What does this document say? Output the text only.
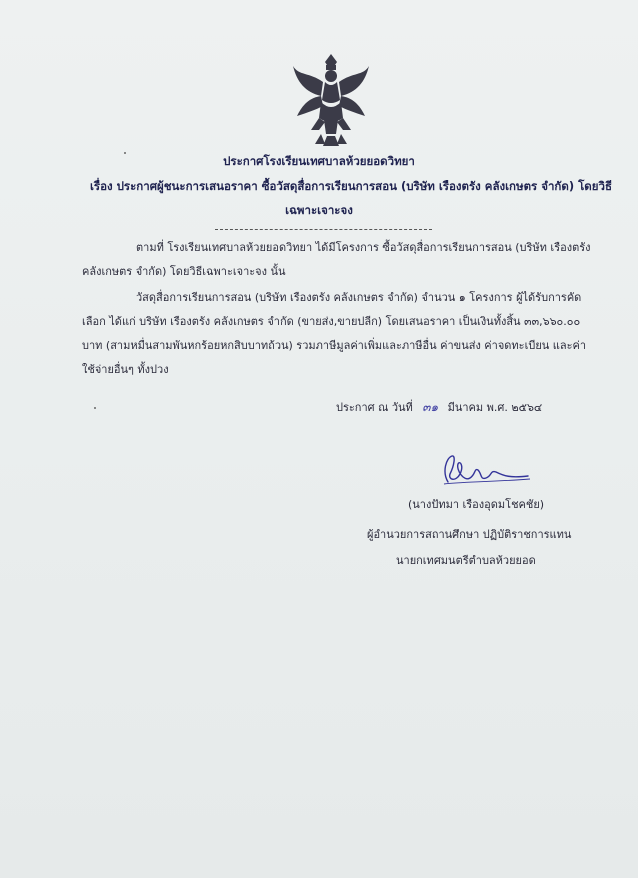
ประกาศโรงเรียนเทศบาลห้วยยอดวิทยา
เรื่อง ประกาศผู้ชนะการเสนอราคา ซื้อวัสดุสื่อการเรียนการสอน (บริษัท เรืองตรัง คลังเกษตร จำกัด) โดยวิธี
เฉพาะเจาะจง
ตามที่ โรงเรียนเทศบาลห้วยยอดวิทยา ได้มีโครงการ ซื้อวัสดุสื่อการเรียนการสอน (บริษัท เรืองตรัง คลังเกษตร จำกัด) โดยวิธีเฉพาะเจาะจง นั้น
วัสดุสื่อการเรียนการสอน (บริษัท เรืองตรัง คลังเกษตร จำกัด) จำนวน ๑ โครงการ ผู้ได้รับการคัดเลือก ได้แก่ บริษัท เรืองตรัง คลังเกษตร จำกัด (ขายส่ง,ขายปลีก) โดยเสนอราคา เป็นเงินทั้งสิ้น ๓๓,๖๖๐.๐๐ บาท (สามหมื่นสามพันหกร้อยหกสิบบาทถ้วน) รวมภาษีมูลค่าเพิ่มและภาษีอื่น ค่าขนส่ง ค่าจดทะเบียน และค่าใช้จ่ายอื่นๆ ทั้งปวง
ประกาศ ณ วันที่ ๓๑ มีนาคม พ.ศ. ๒๕๖๔
(นางปัทมา เรืองอุดมโชคชัย)
ผู้อำนวยการสถานศึกษา ปฏิบัติราชการแทน
นายกเทศมนตรีตำบลห้วยยอด
